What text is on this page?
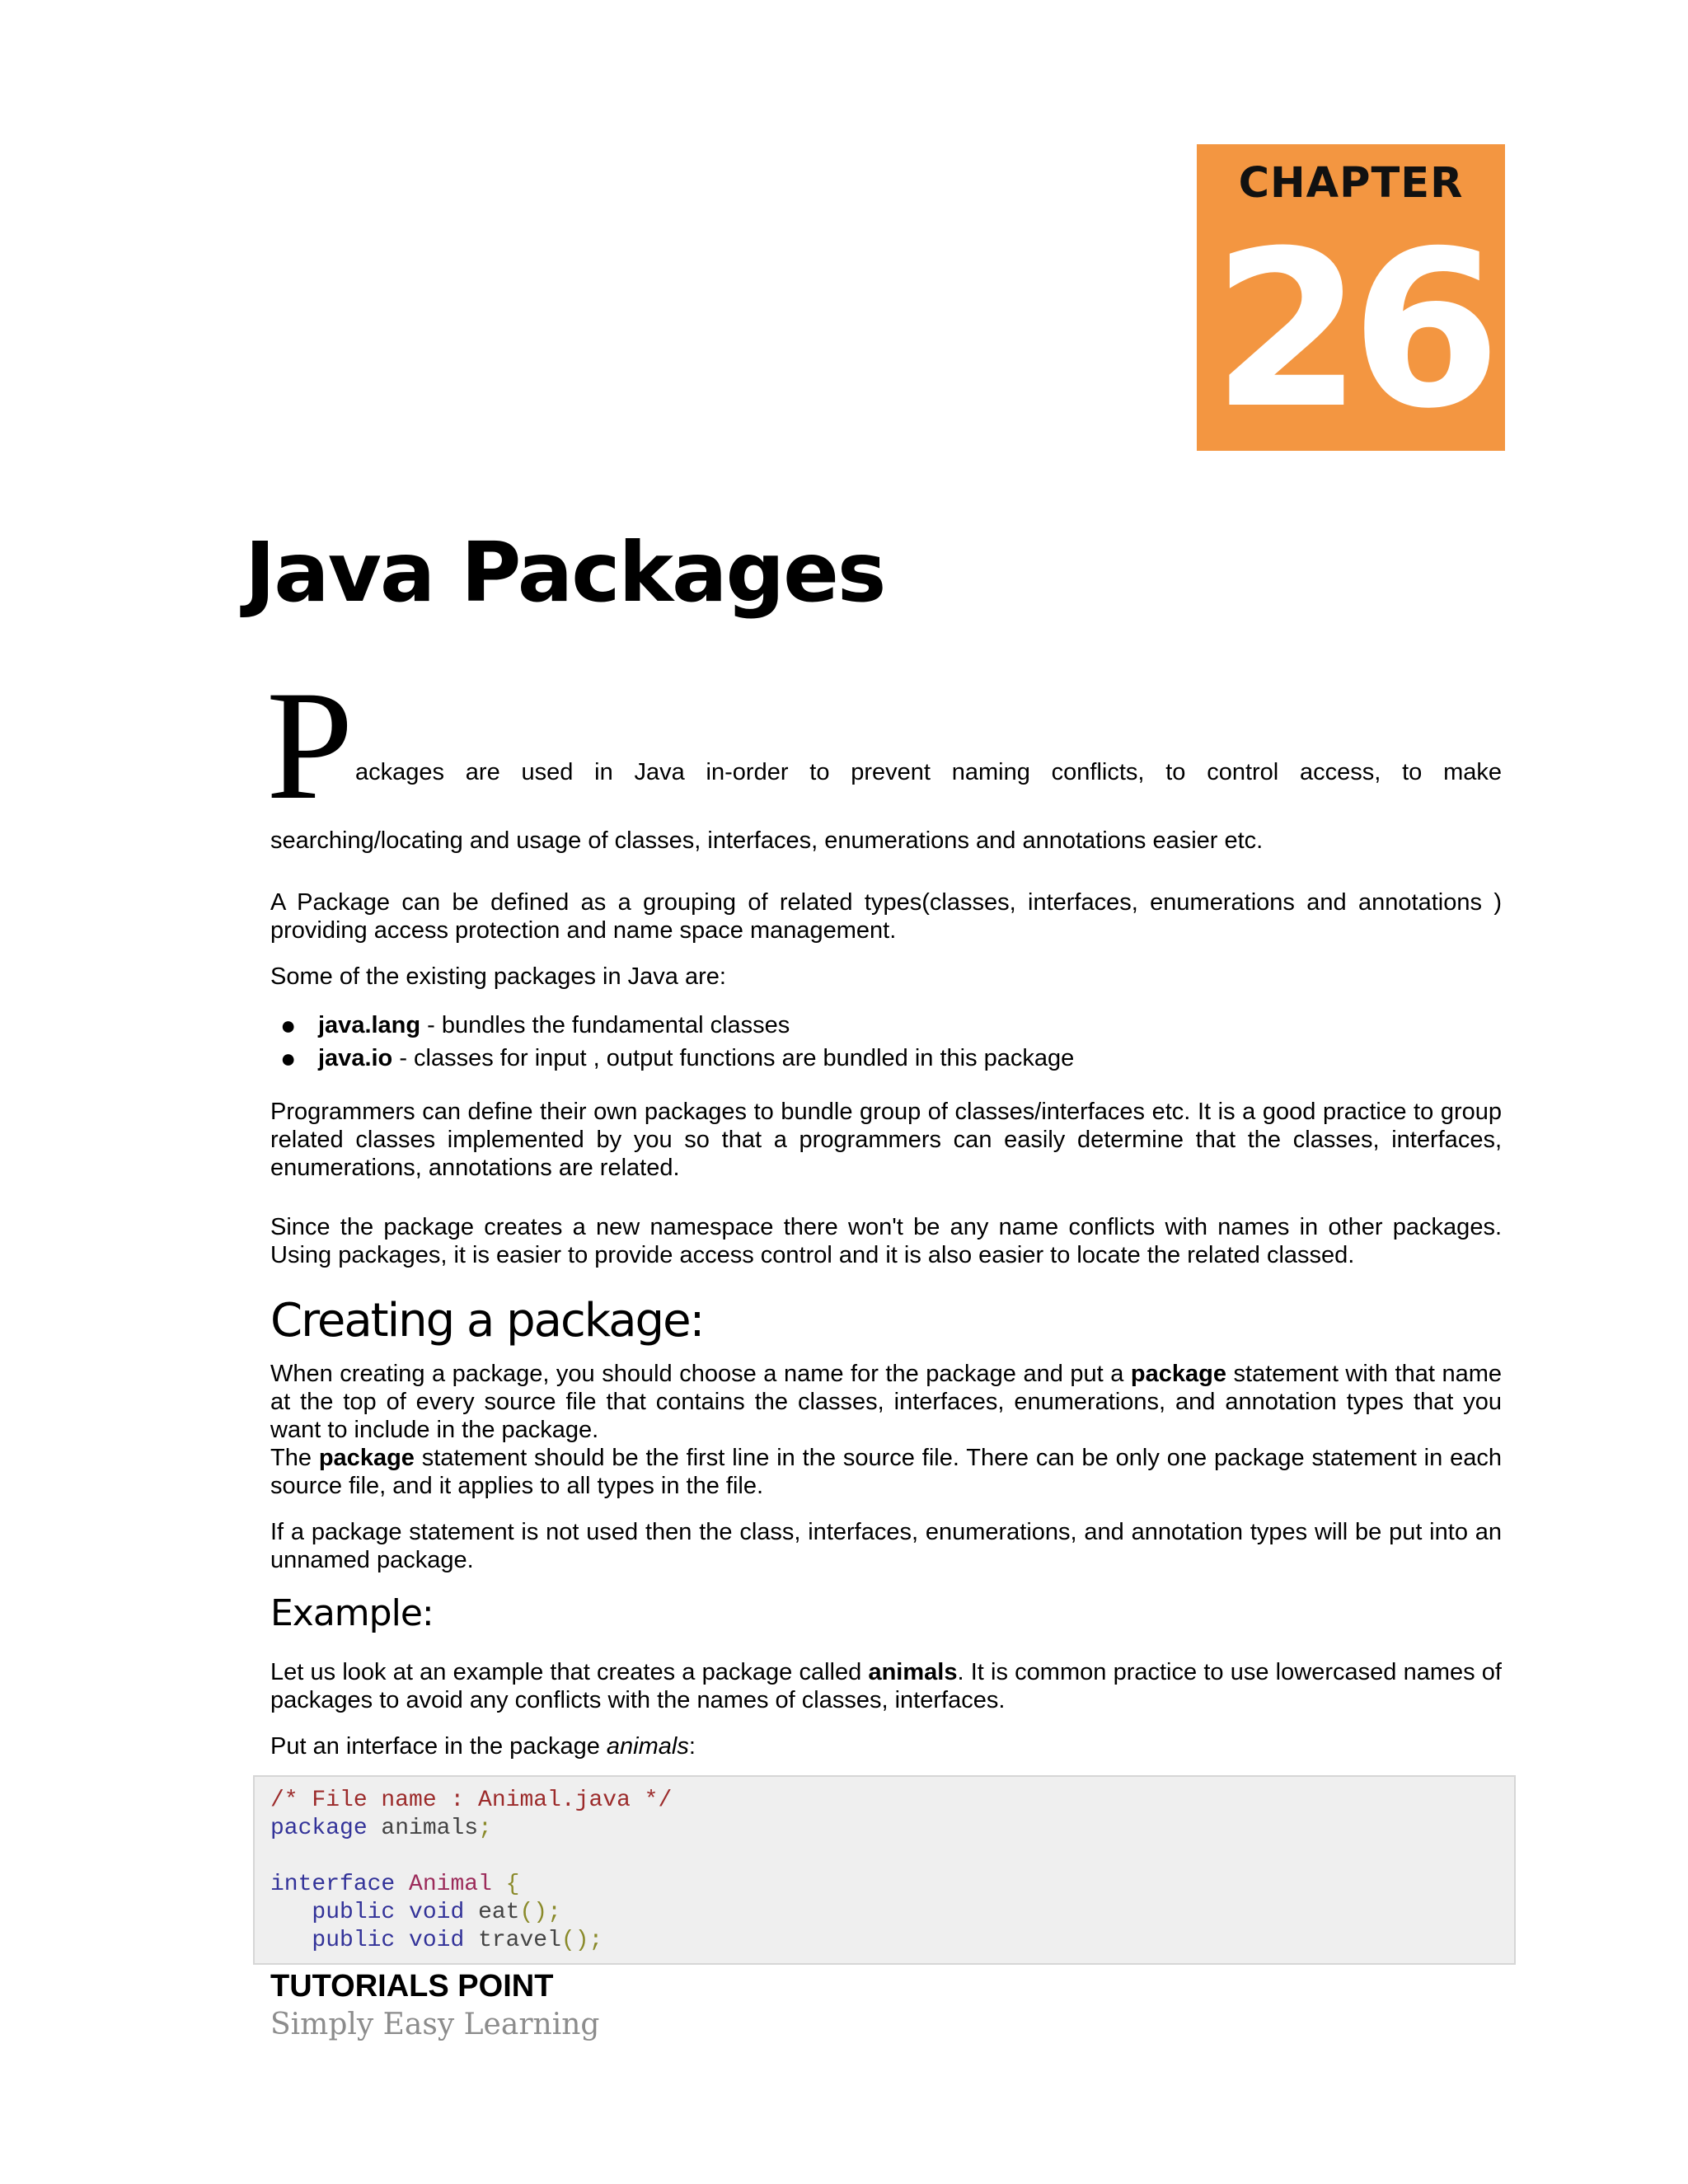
CHAPTER
26
Java Packages
P ackages are used in Java in-order to prevent naming conflicts, to control access, to make
searching/locating and usage of classes, interfaces, enumerations and annotations easier etc.
A Package can be defined as a grouping of related types(classes, interfaces, enumerations and annotations ) providing access protection and name space management.
Some of the existing packages in Java are:
● java.lang - bundles the fundamental classes
● java.io - classes for input , output functions are bundled in this package
Programmers can define their own packages to bundle group of classes/interfaces etc. It is a good practice to group related classes implemented by you so that a programmers can easily determine that the classes, interfaces, enumerations, annotations are related.
Since the package creates a new namespace there won't be any name conflicts with names in other packages. Using packages, it is easier to provide access control and it is also easier to locate the related classed.
Creating a package:
When creating a package, you should choose a name for the package and put a package statement with that name at the top of every source file that contains the classes, interfaces, enumerations, and annotation types that you want to include in the package.
The package statement should be the first line in the source file. There can be only one package statement in each source file, and it applies to all types in the file.
If a package statement is not used then the class, interfaces, enumerations, and annotation types will be put into an unnamed package.
Example:
Let us look at an example that creates a package called animals. It is common practice to use lowercased names of packages to avoid any conflicts with the names of classes, interfaces.
Put an interface in the package animals:
/* File name : Animal.java */
package animals;

interface Animal {
public void eat();
public void travel();
TUTORIALS POINT
Simply Easy Learning
